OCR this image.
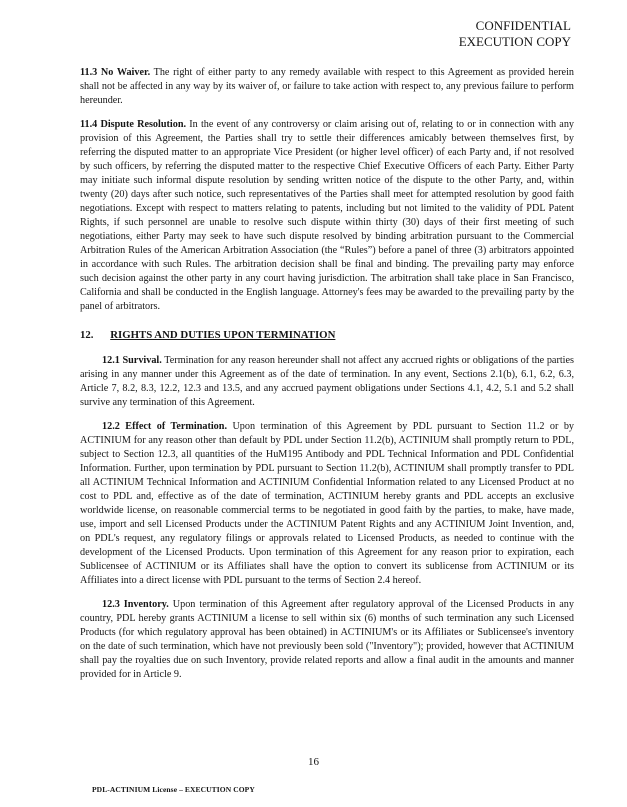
CONFIDENTIAL
EXECUTION COPY

11.3 No Waiver. The right of either party to any remedy available with respect to this Agreement as provided herein shall not be affected in any way by its waiver of, or failure to take action with respect to, any previous failure to perform hereunder.

11.4 Dispute Resolution. In the event of any controversy or claim arising out of, relating to or in connection with any provision of this Agreement, the Parties shall try to settle their differences amicably between themselves first, by referring the disputed matter to an appropriate Vice President (or higher level officer) of each Party and, if not resolved by such officers, by referring the disputed matter to the respective Chief Executive Officers of each Party. Either Party may initiate such informal dispute resolution by sending written notice of the dispute to the other Party, and, within twenty (20) days after such notice, such representatives of the Parties shall meet for attempted resolution by good faith negotiations. Except with respect to matters relating to patents, including but not limited to the validity of PDL Patent Rights, if such personnel are unable to resolve such dispute within thirty (30) days of their first meeting of such negotiations, either Party may seek to have such dispute resolved by binding arbitration pursuant to the Commercial Arbitration Rules of the American Arbitration Association (the “Rules”) before a panel of three (3) arbitrators appointed in accordance with such Rules. The arbitration decision shall be final and binding. The prevailing party may enforce such decision against the other party in any court having jurisdiction. The arbitration shall take place in San Francisco, California and shall be conducted in the English language. Attorney's fees may be awarded to the prevailing party by the panel of arbitrators.

12. RIGHTS AND DUTIES UPON TERMINATION

12.1 Survival. Termination for any reason hereunder shall not affect any accrued rights or obligations of the parties arising in any manner under this Agreement as of the date of termination. In any event, Sections 2.1(b), 6.1, 6.2, 6.3, Article 7, 8.2, 8.3, 12.2, 12.3 and 13.5, and any accrued payment obligations under Sections 4.1, 4.2, 5.1 and 5.2 shall survive any termination of this Agreement.

12.2 Effect of Termination. Upon termination of this Agreement by PDL pursuant to Section 11.2 or by ACTINIUM for any reason other than default by PDL under Section 11.2(b), ACTINIUM shall promptly return to PDL, subject to Section 12.3, all quantities of the HuM195 Antibody and PDL Technical Information and PDL Confidential Information. Further, upon termination by PDL pursuant to Section 11.2(b), ACTINIUM shall promptly transfer to PDL all ACTINIUM Technical Information and ACTINIUM Confidential Information related to any Licensed Product at no cost to PDL and, effective as of the date of termination, ACTINIUM hereby grants and PDL accepts an exclusive worldwide license, on reasonable commercial terms to be negotiated in good faith by the parties, to make, have made, use, import and sell Licensed Products under the ACTINIUM Patent Rights and any ACTINIUM Joint Invention, and, on PDL's request, any regulatory filings or approvals related to Licensed Products, as needed to continue with the development of the Licensed Products. Upon termination of this Agreement for any reason prior to expiration, each Sublicensee of ACTINIUM or its Affiliates shall have the option to convert its sublicense from ACTINIUM or its Affiliates into a direct license with PDL pursuant to the terms of Section 2.4 hereof.

12.3 Inventory. Upon termination of this Agreement after regulatory approval of the Licensed Products in any country, PDL hereby grants ACTINIUM a license to sell within six (6) months of such termination any such Licensed Products (for which regulatory approval has been obtained) in ACTINIUM's or its Affiliates or Sublicensee's inventory on the date of such termination, which have not previously been sold ("Inventory"); provided, however that ACTINIUM shall pay the royalties due on such Inventory, provide related reports and allow a final audit in the amounts and manner provided for in Article 9.

16
PDL-ACTINIUM License – EXECUTION COPY
